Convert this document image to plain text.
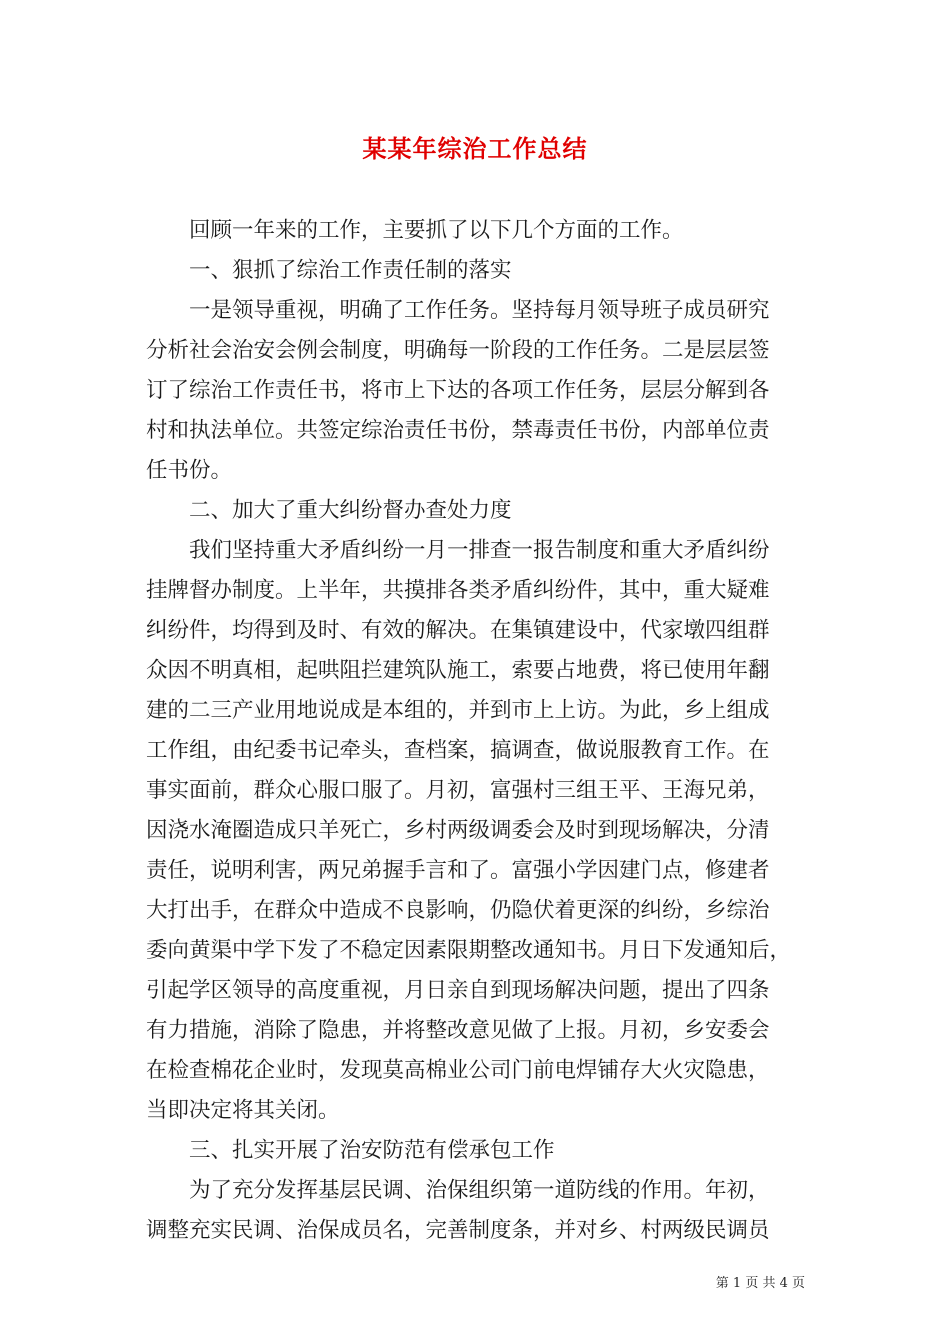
某某年综治工作总结

　　回顾一年来的工作，主要抓了以下几个方面的工作。

　　一、狠抓了综治工作责任制的落实

　　一是领导重视，明确了工作任务。坚持每月领导班子成员研究

分析社会治安会例会制度，明确每一阶段的工作任务。二是层层签

订了综治工作责任书，将市上下达的各项工作任务，层层分解到各

村和执法单位。共签定综治责任书份，禁毒责任书份，内部单位责

任书份。

　　二、加大了重大纠纷督办查处力度

　　我们坚持重大矛盾纠纷一月一排查一报告制度和重大矛盾纠纷

挂牌督办制度。上半年，共摸排各类矛盾纠纷件，其中，重大疑难

纠纷件，均得到及时、有效的解决。在集镇建设中，代家墩四组群

众因不明真相，起哄阻拦建筑队施工，索要占地费，将已使用年翻

建的二三产业用地说成是本组的，并到市上上访。为此，乡上组成

工作组，由纪委书记牵头，查档案，搞调查，做说服教育工作。在

事实面前，群众心服口服了。月初，富强村三组王平、王海兄弟，

因浇水淹圈造成只羊死亡，乡村两级调委会及时到现场解决，分清

责任，说明利害，两兄弟握手言和了。富强小学因建门点，修建者

大打出手，在群众中造成不良影响，仍隐伏着更深的纠纷，乡综治

委向黄渠中学下发了不稳定因素限期整改通知书。月日下发通知后，

引起学区领导的高度重视，月日亲自到现场解决问题，提出了四条

有力措施，消除了隐患，并将整改意见做了上报。月初，乡安委会

在检查棉花企业时，发现莫高棉业公司门前电焊铺存大火灾隐患，

当即决定将其关闭。

　　三、扎实开展了治安防范有偿承包工作

　　为了充分发挥基层民调、治保组织第一道防线的作用。年初，

调整充实民调、治保成员名，完善制度条，并对乡、村两级民调员

第 1 页 共 4 页
